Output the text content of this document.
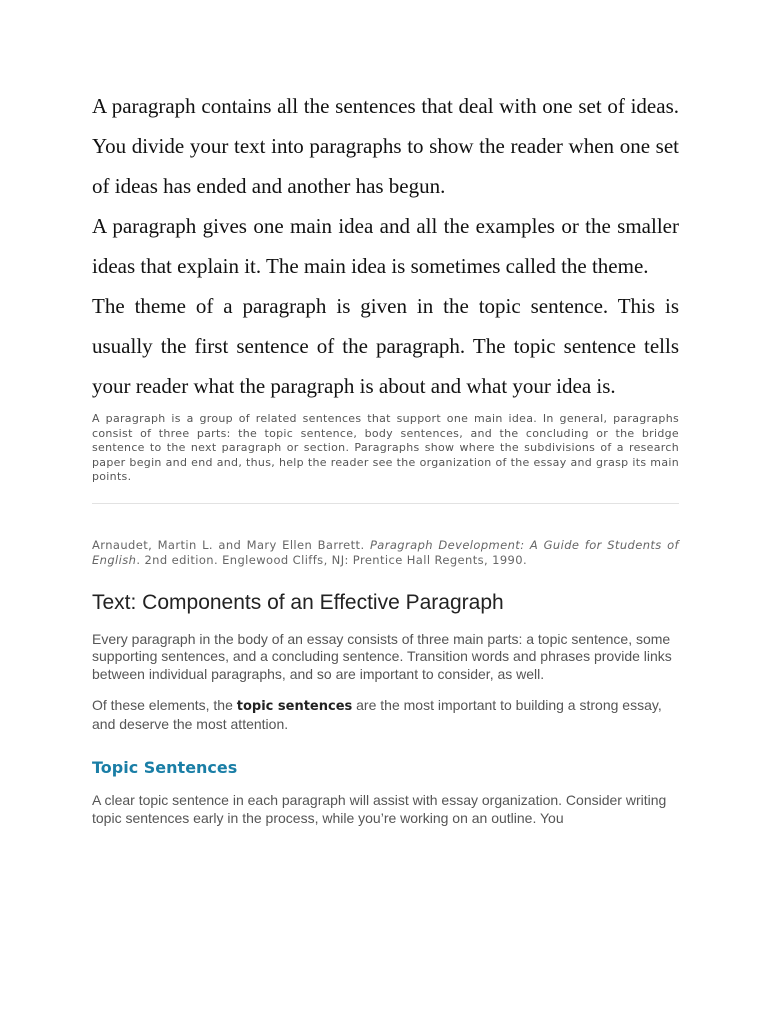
A paragraph contains all the sentences that deal with one set of ideas. You divide your text into paragraphs to show the reader when one set of ideas has ended and another has begun.

A paragraph gives one main idea and all the examples or the smaller ideas that explain it. The main idea is sometimes called the theme.

The theme of a paragraph is given in the topic sentence. This is usually the first sentence of the paragraph. The topic sentence tells your reader what the paragraph is about and what your idea is.

A paragraph is a group of related sentences that support one main idea. In general, paragraphs consist of three parts: the topic sentence, body sentences, and the concluding or the bridge sentence to the next paragraph or section. Paragraphs show where the subdivisions of a research paper begin and end and, thus, help the reader see the organization of the essay and grasp its main points.

Arnaudet, Martin L. and Mary Ellen Barrett. Paragraph Development: A Guide for Students of English. 2nd edition. Englewood Cliffs, NJ: Prentice Hall Regents, 1990.

Text: Components of an Effective Paragraph

Every paragraph in the body of an essay consists of three main parts: a topic sentence, some supporting sentences, and a concluding sentence. Transition words and phrases provide links between individual paragraphs, and so are important to consider, as well.

Of these elements, the topic sentences are the most important to building a strong essay, and deserve the most attention.

Topic Sentences

A clear topic sentence in each paragraph will assist with essay organization. Consider writing topic sentences early in the process, while you’re working on an outline. You
